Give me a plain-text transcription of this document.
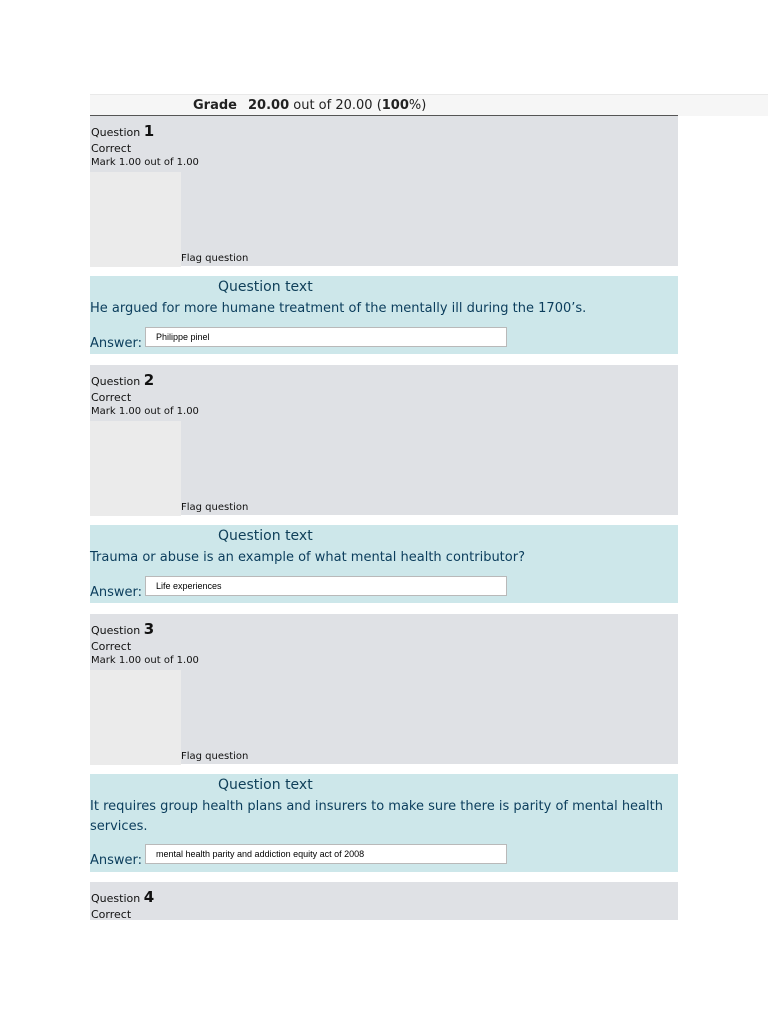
Grade 20.00 out of 20.00 (100%)
Question 1
Correct
Mark 1.00 out of 1.00
Flag question
Question text
He argued for more humane treatment of the mentally ill during the 1700’s.
Answer:
Philippe pinel
Question 2
Correct
Mark 1.00 out of 1.00
Flag question
Question text
Trauma or abuse is an example of what mental health contributor?
Answer:
Life experiences
Question 3
Correct
Mark 1.00 out of 1.00
Flag question
Question text
It requires group health plans and insurers to make sure there is parity of mental health services.
Answer:
mental health parity and addiction equity act of 2008
Question 4
Correct
